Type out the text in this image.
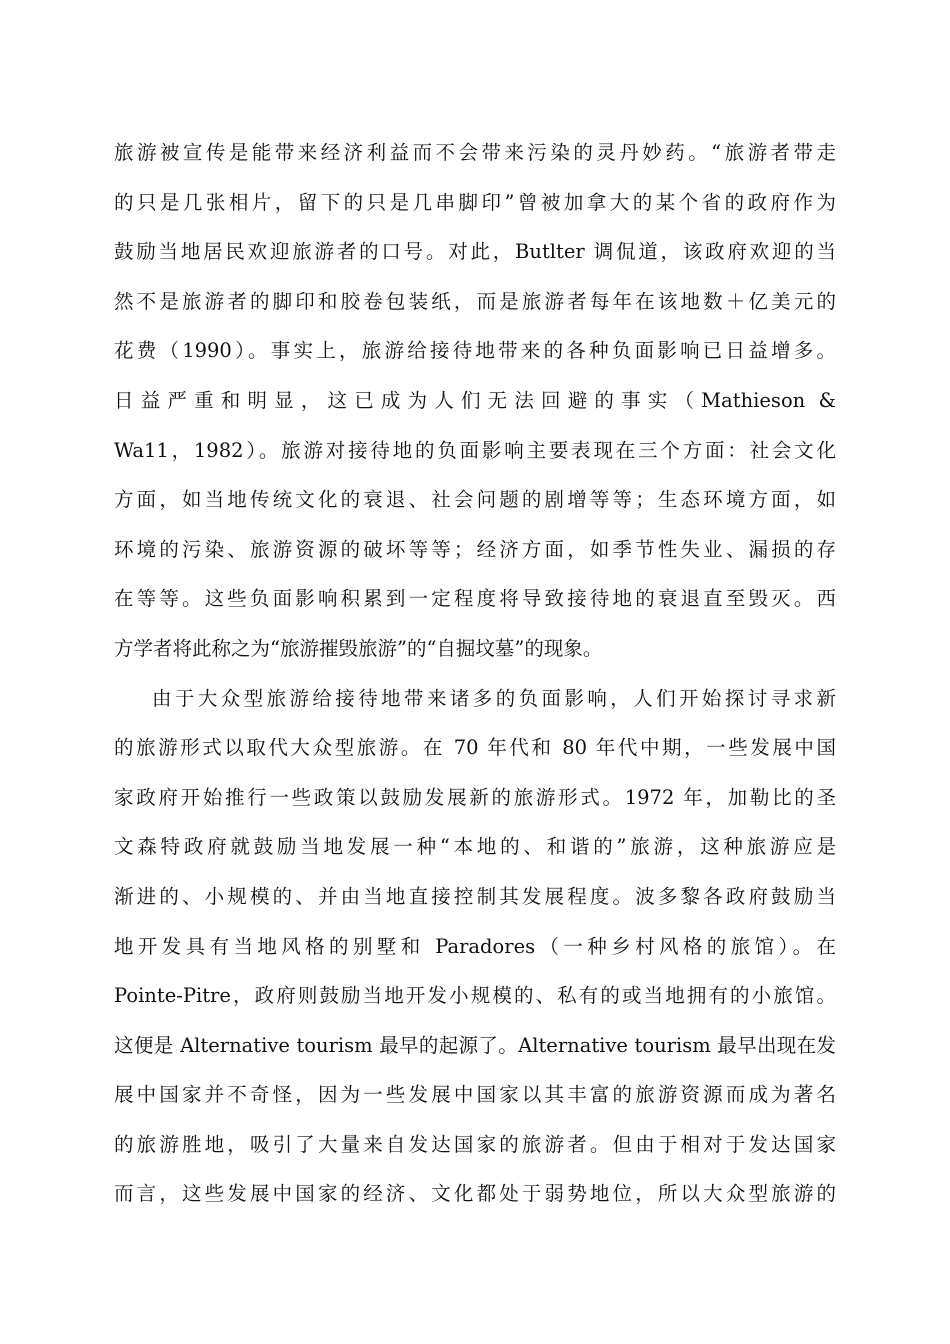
旅游被宣传是能带来经济利益而不会带来污染的灵丹妙药。“旅游者带走
的只是几张相片，留下的只是几串脚印”曾被加拿大的某个省的政府作为
鼓励当地居民欢迎旅游者的口号。对此，Butlter 调侃道，该政府欢迎的当
然不是旅游者的脚印和胶卷包装纸，而是旅游者每年在该地数＋亿美元的
花费（1990）。事实上，旅游给接待地带来的各种负面影响已日益增多。
日益严重和明显，这已成为人们无法回避的事实（Mathieson &
Wa11，1982）。旅游对接待地的负面影响主要表现在三个方面：社会文化
方面，如当地传统文化的衰退、社会问题的剧增等等；生态环境方面，如
环境的污染、旅游资源的破坏等等；经济方面，如季节性失业、漏损的存
在等等。这些负面影响积累到一定程度将导致接待地的衰退直至毁灭。西
方学者将此称之为“旅游摧毁旅游”的“自掘坟墓”的现象。
由于大众型旅游给接待地带来诸多的负面影响，人们开始探讨寻求新
的旅游形式以取代大众型旅游。在 70 年代和 80 年代中期，一些发展中国
家政府开始推行一些政策以鼓励发展新的旅游形式。1972 年，加勒比的圣
文森特政府就鼓励当地发展一种“本地的、和谐的”旅游，这种旅游应是
渐进的、小规模的、并由当地直接控制其发展程度。波多黎各政府鼓励当
地开发具有当地风格的别墅和 Paradores（一种乡村风格的旅馆）。在
Pointe-Pitre，政府则鼓励当地开发小规模的、私有的或当地拥有的小旅馆。
这便是 Alternative tourism 最早的起源了。Alternative tourism 最早出现在发
展中国家并不奇怪，因为一些发展中国家以其丰富的旅游资源而成为著名
的旅游胜地，吸引了大量来自发达国家的旅游者。但由于相对于发达国家
而言，这些发展中国家的经济、文化都处于弱势地位，所以大众型旅游的
